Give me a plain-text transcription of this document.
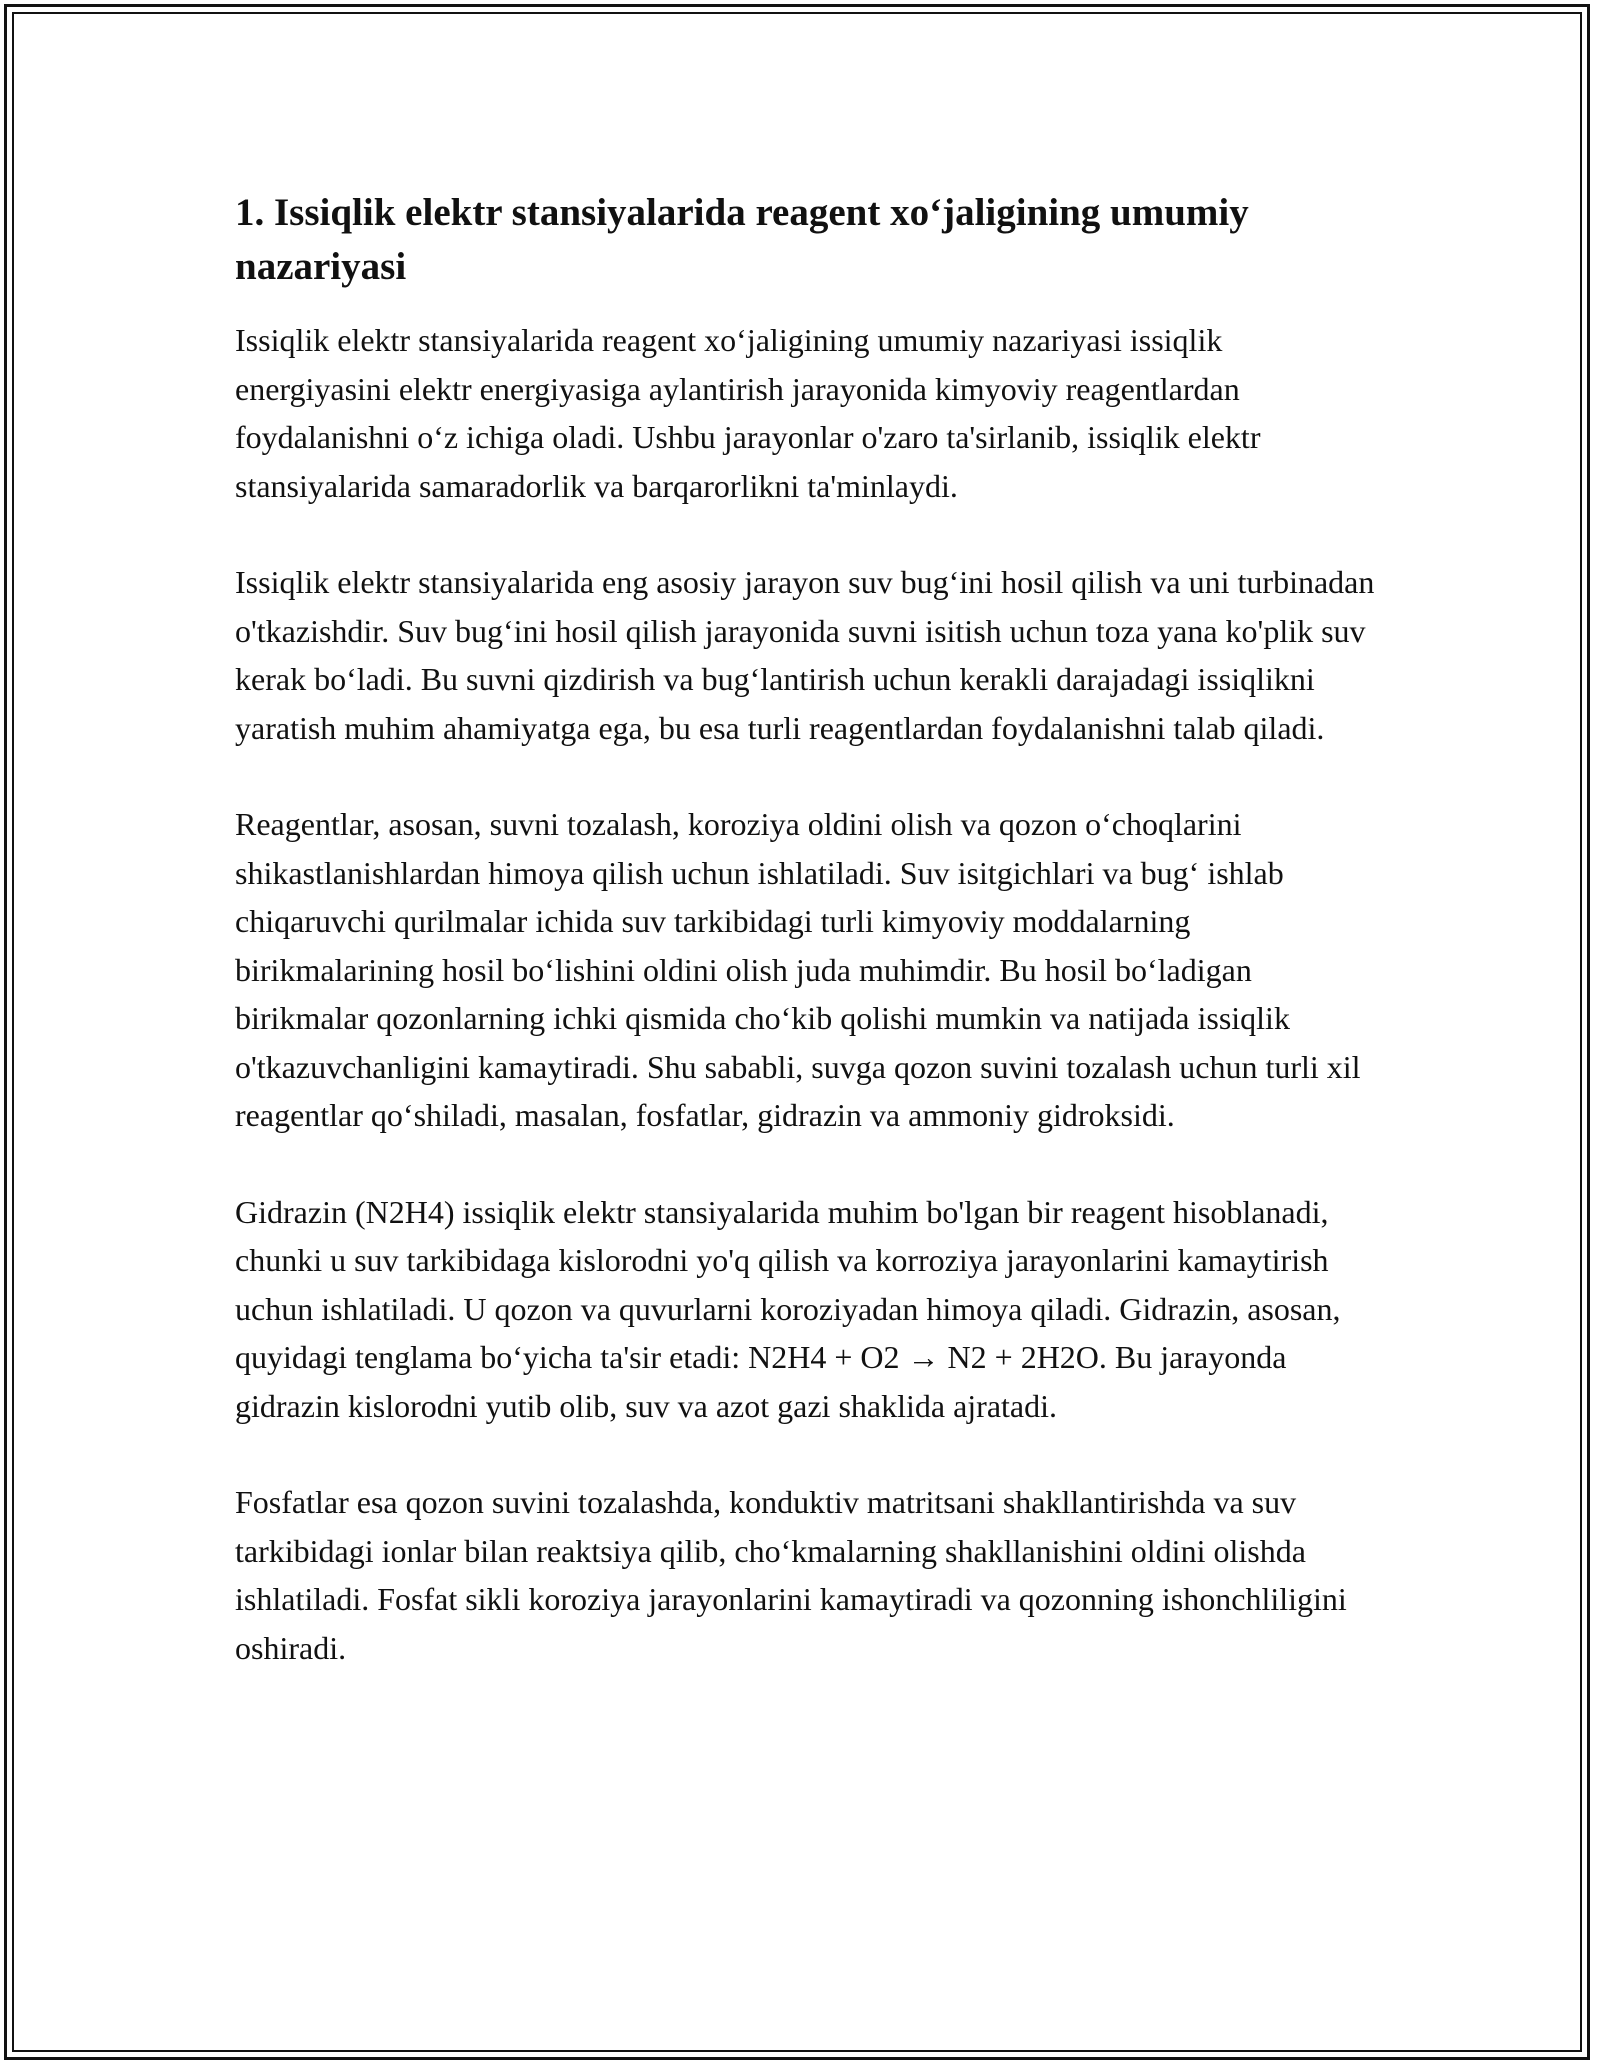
1. Issiqlik elektr stansiyalarida reagent xo‘jaligining umumiy nazariyasi

Issiqlik elektr stansiyalarida reagent xo‘jaligining umumiy nazariyasi issiqlik energiyasini elektr energiyasiga aylantirish jarayonida kimyoviy reagentlardan foydalanishni o‘z ichiga oladi. Ushbu jarayonlar o'zaro ta'sirlanib, issiqlik elektr stansiyalarida samaradorlik va barqarorlikni ta'minlaydi.

Issiqlik elektr stansiyalarida eng asosiy jarayon suv bug‘ini hosil qilish va uni turbinadan o'tkazishdir. Suv bug‘ini hosil qilish jarayonida suvni isitish uchun toza yana ko'plik suv kerak bo‘ladi. Bu suvni qizdirish va bug‘lantirish uchun kerakli darajadagi issiqlikni yaratish muhim ahamiyatga ega, bu esa turli reagentlardan foydalanishni talab qiladi.

Reagentlar, asosan, suvni tozalash, koroziya oldini olish va qozon o‘choqlarini shikastlanishlardan himoya qilish uchun ishlatiladi. Suv isitgichlari va bug‘ ishlab chiqaruvchi qurilmalar ichida suv tarkibidagi turli kimyoviy moddalarning birikmalarining hosil bo‘lishini oldini olish juda muhimdir. Bu hosil bo‘ladigan birikmalar qozonlarning ichki qismida cho‘kib qolishi mumkin va natijada issiqlik o'tkazuvchanligini kamaytiradi. Shu sababli, suvga qozon suvini tozalash uchun turli xil reagentlar qo‘shiladi, masalan, fosfatlar, gidrazin va ammoniy gidroksidi.

Gidrazin (N2H4) issiqlik elektr stansiyalarida muhim bo'lgan bir reagent hisoblanadi, chunki u suv tarkibidaga kislorodni yo'q qilish va korroziya jarayonlarini kamaytirish uchun ishlatiladi. U qozon va quvurlarni koroziyadan himoya qiladi. Gidrazin, asosan, quyidagi tenglama bo‘yicha ta'sir etadi: N2H4 + O2 → N2 + 2H2O. Bu jarayonda gidrazin kislorodni yutib olib, suv va azot gazi shaklida ajratadi.

Fosfatlar esa qozon suvini tozalashda, konduktiv matritsani shakllantirishda va suv tarkibidagi ionlar bilan reaktsiya qilib, cho‘kmalarning shakllanishini oldini olishda ishlatiladi. Fosfat sikli koroziya jarayonlarini kamaytiradi va qozonning ishonchliligini oshiradi.
